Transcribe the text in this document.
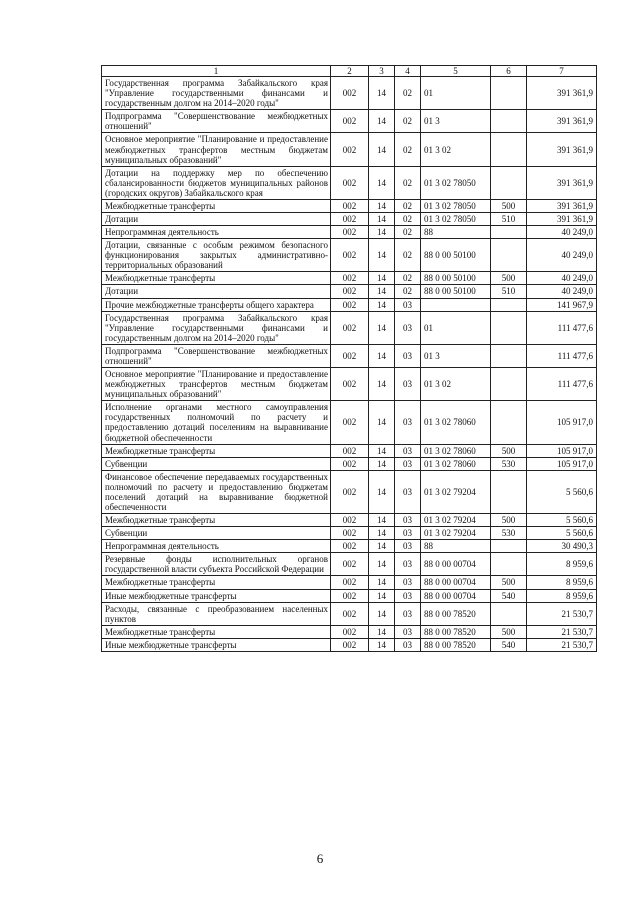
1	2	3	4	5	6	7
Государственная программа Забайкальского края "Управление государственными финансами и государственным долгом на 2014–2020 годы"	002	14	02	01		391 361,9
Подпрограмма "Совершенствование межбюджетных отношений"	002	14	02	01 3		391 361,9
Основное мероприятие "Планирование и предоставление межбюджетных трансфертов местным бюджетам муниципальных образований"	002	14	02	01 3 02		391 361,9
Дотации на поддержку мер по обеспечению сбалансированности бюджетов муниципальных районов (городских округов) Забайкальского края	002	14	02	01 3 02 78050		391 361,9
Межбюджетные трансферты	002	14	02	01 3 02 78050	500	391 361,9
Дотации	002	14	02	01 3 02 78050	510	391 361,9
Непрограммная деятельность	002	14	02	88		40 249,0
Дотации, связанные с особым режимом безопасного функционирования закрытых административно-территориальных образований	002	14	02	88 0 00 50100		40 249,0
Межбюджетные трансферты	002	14	02	88 0 00 50100	500	40 249,0
Дотации	002	14	02	88 0 00 50100	510	40 249,0
Прочие межбюджетные трансферты общего характера	002	14	03			141 967,9
Государственная программа Забайкальского края "Управление государственными финансами и государственным долгом на 2014–2020 годы"	002	14	03	01		111 477,6
Подпрограмма "Совершенствование межбюджетных отношений"	002	14	03	01 3		111 477,6
Основное мероприятие "Планирование и предоставление межбюджетных трансфертов местным бюджетам муниципальных образований"	002	14	03	01 3 02		111 477,6
Исполнение органами местного самоуправления государственных полномочий по расчету и предоставлению дотаций поселениям на выравнивание бюджетной обеспеченности	002	14	03	01 3 02 78060		105 917,0
Межбюджетные трансферты	002	14	03	01 3 02 78060	500	105 917,0
Субвенции	002	14	03	01 3 02 78060	530	105 917,0
Финансовое обеспечение передаваемых государственных полномочий по расчету и предоставлению бюджетам поселений дотаций на выравнивание бюджетной обеспеченности	002	14	03	01 3 02 79204		5 560,6
Межбюджетные трансферты	002	14	03	01 3 02 79204	500	5 560,6
Субвенции	002	14	03	01 3 02 79204	530	5 560,6
Непрограммная деятельность	002	14	03	88		30 490,3
Резервные фонды исполнительных органов государственной власти субъекта Российской Федерации	002	14	03	88 0 00 00704		8 959,6
Межбюджетные трансферты	002	14	03	88 0 00 00704	500	8 959,6
Иные межбюджетные трансферты	002	14	03	88 0 00 00704	540	8 959,6
Расходы, связанные с преобразованием населенных пунктов	002	14	03	88 0 00 78520		21 530,7
Межбюджетные трансферты	002	14	03	88 0 00 78520	500	21 530,7
Иные межбюджетные трансферты	002	14	03	88 0 00 78520	540	21 530,7
6
